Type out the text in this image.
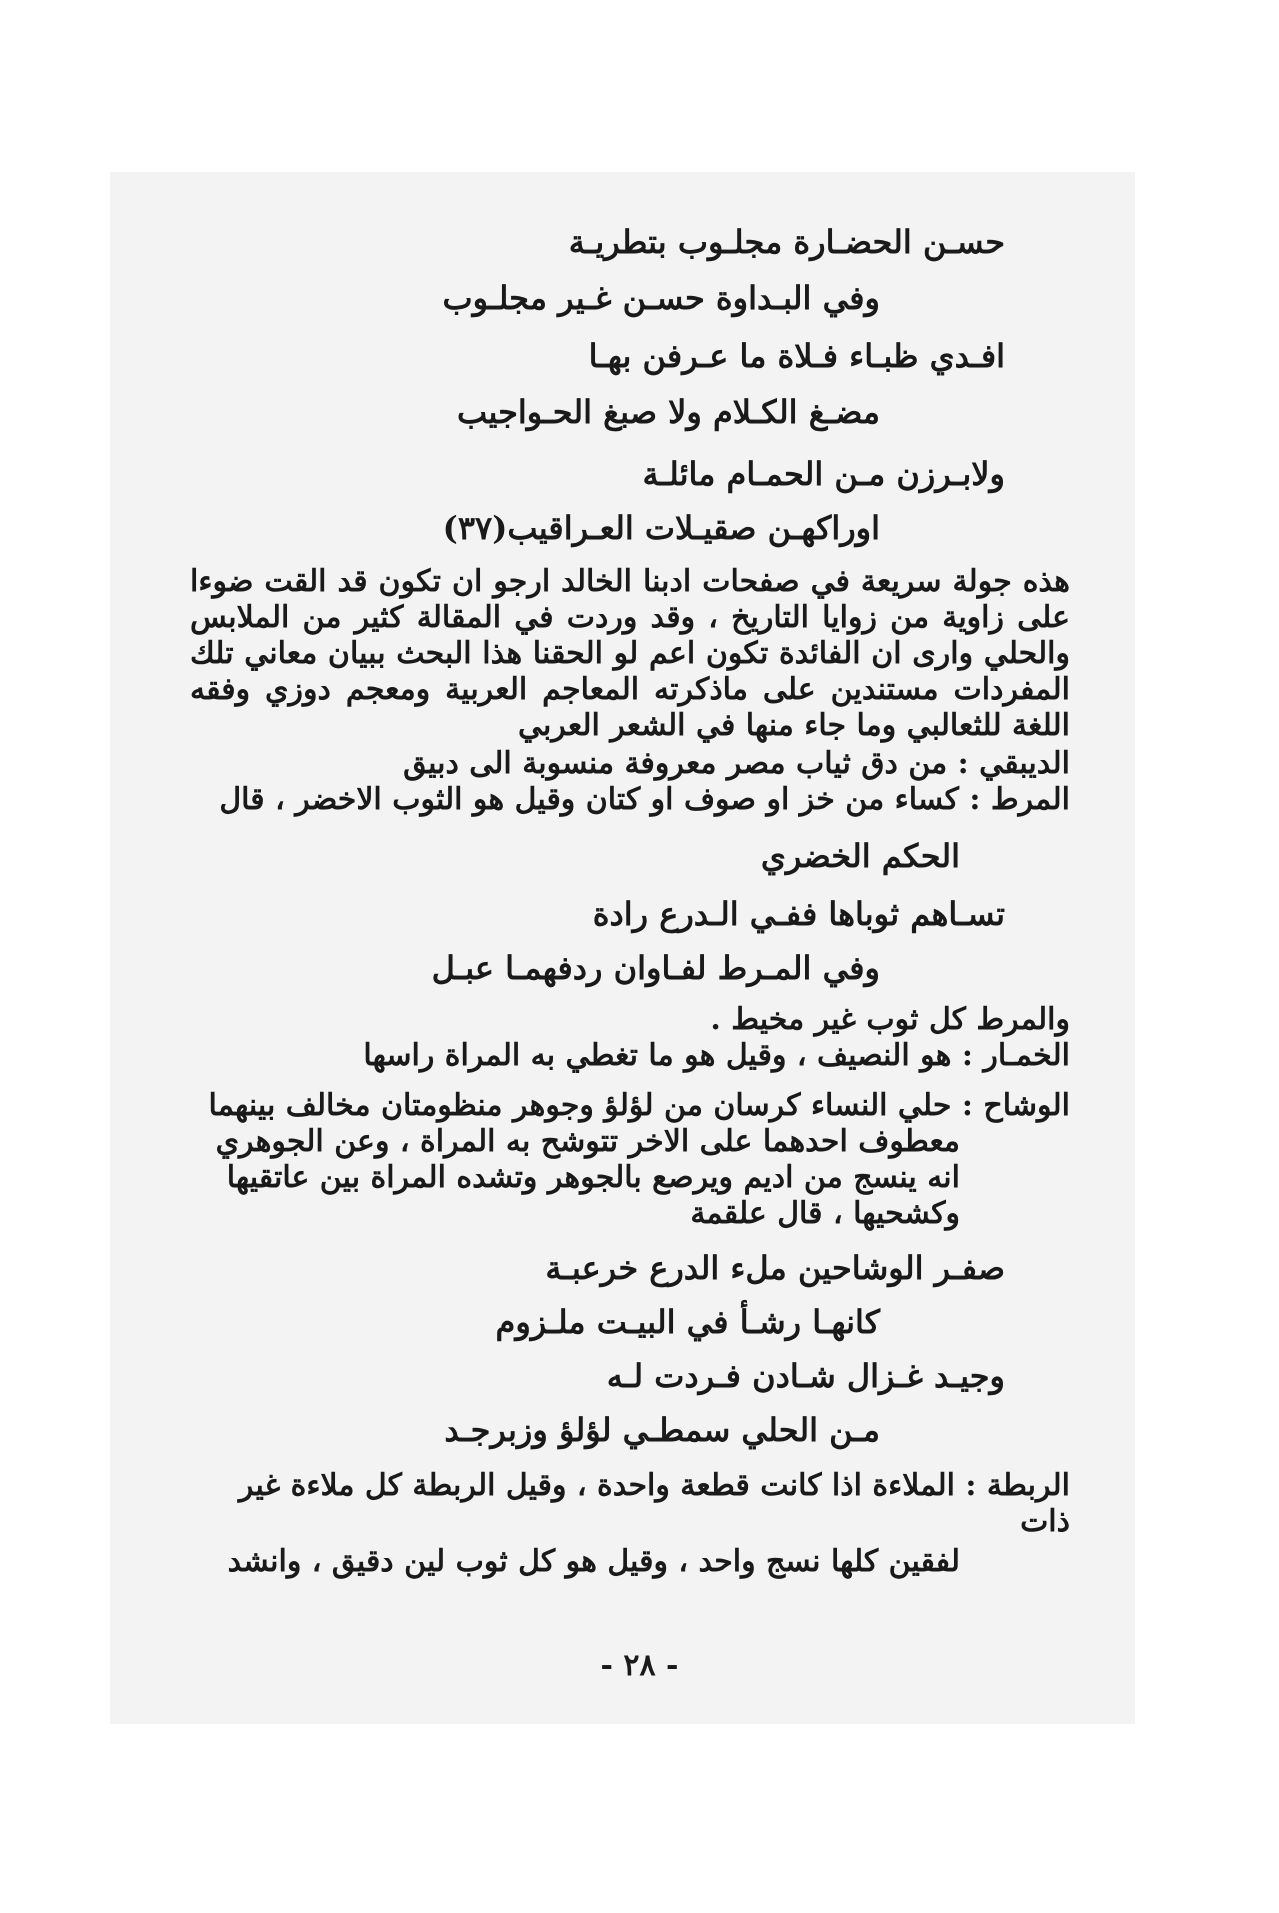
حسـن الحضـارة مجلـوب بتطريـة
وفي البـداوة حسـن غـير مجلـوب
افـدي ظبـاء فـلاة ما عـرفن بهـا
مضـغ الكـلام ولا صبغ الحـواجيب
ولابـرزن مـن الحمـام مائلـة
اوراكهـن صقيـلات العـراقيب(٣٧)

هذه جولة سريعة في صفحات ادبنا الخالد ارجو ان تكون قد القت ضوءا على زاوية من زوايا التاريخ ، وقد وردت في المقالة كثير من الملابس والحلي وارى ان الفائدة تكون اعم لو الحقنا هذا البحث ببيان معاني تلك المفردات مستندين على ماذكرته المعاجم العربية ومعجم دوزي وفقه اللغة للثعالبي وما جاء منها في الشعر العربي

الديبقي : من دق ثياب مصر معروفة منسوبة الى دبيق

المرط : كساء من خز او صوف او كتان وقيل هو الثوب الاخضر ، قال

الحكم الخضري
تسـاهم ثوباها ففـي الـدرع رادة
وفي المـرط لفـاوان ردفهمـا عبـل

والمرط كل ثوب غير مخيط .

الخمـار : هو النصيف ، وقيل هو ما تغطي به المراة راسها

الوشاح : حلي النساء كرسان من لؤلؤ وجوهر منظومتان مخالف بينهما

معطوف احدهما على الاخر تتوشح به المراة ، وعن الجوهري

انه ينسج من اديم ويرصع بالجوهر وتشده المراة بين عاتقيها

وكشحيها ، قال علقمة

صفـر الوشاحين ملء الدرع خرعبـة
كانهـا رشـأ في البيـت ملـزوم
وجيـد غـزال شـادن فـردت لـه
مـن الحلي سمطـي لؤلؤ وزبرجـد

الربطة : الملاءة اذا كانت قطعة واحدة ، وقيل الربطة كل ملاءة غير ذات

لفقين كلها نسج واحد ، وقيل هو كل ثوب لين دقيق ، وانشد

- ٢٨ -
